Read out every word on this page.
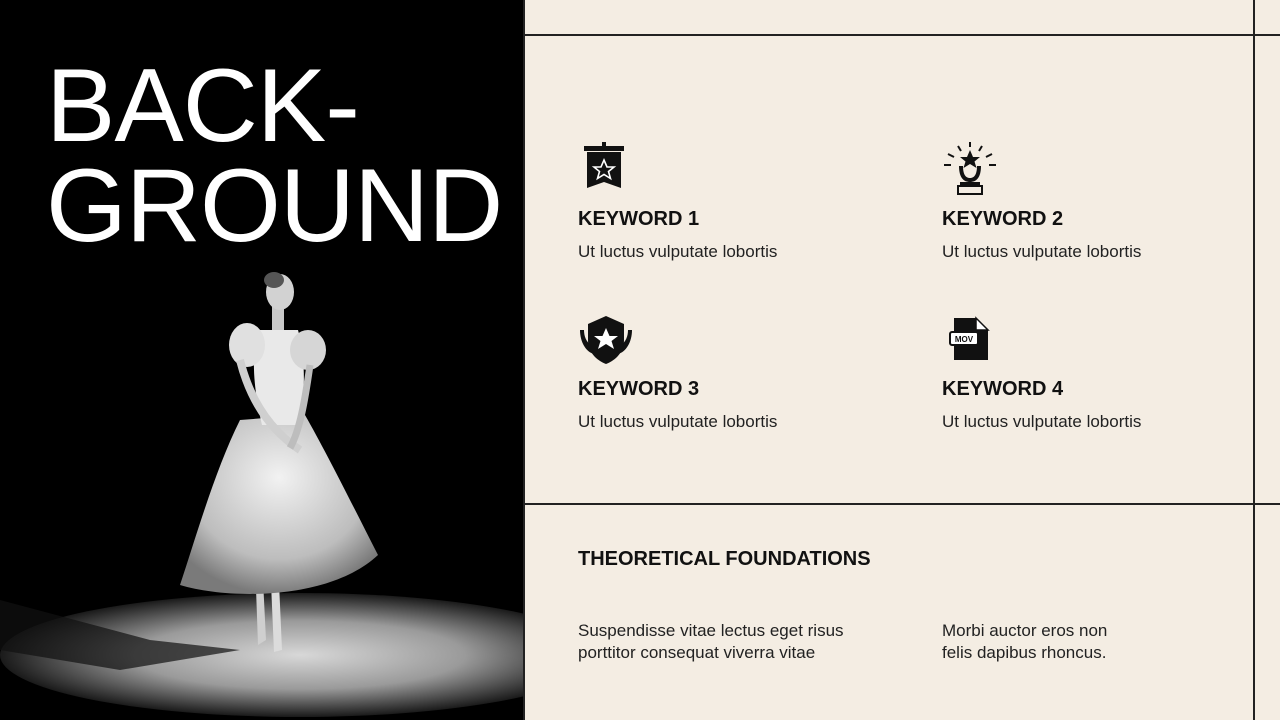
BACK-
GROUND	KEYWORD 1

Ut luctus vulputate lobortis

KEYWORD 2

Ut luctus vulputate lobortis

KEYWORD 3

Ut luctus vulputate lobortis

MOV

KEYWORD 4

Ut luctus vulputate lobortis

THEORETICAL FOUNDATIONS

Suspendisse vitae lectus eget risus
porttitor consequat viverra vitae

Morbi auctor eros non
felis dapibus rhoncus.
